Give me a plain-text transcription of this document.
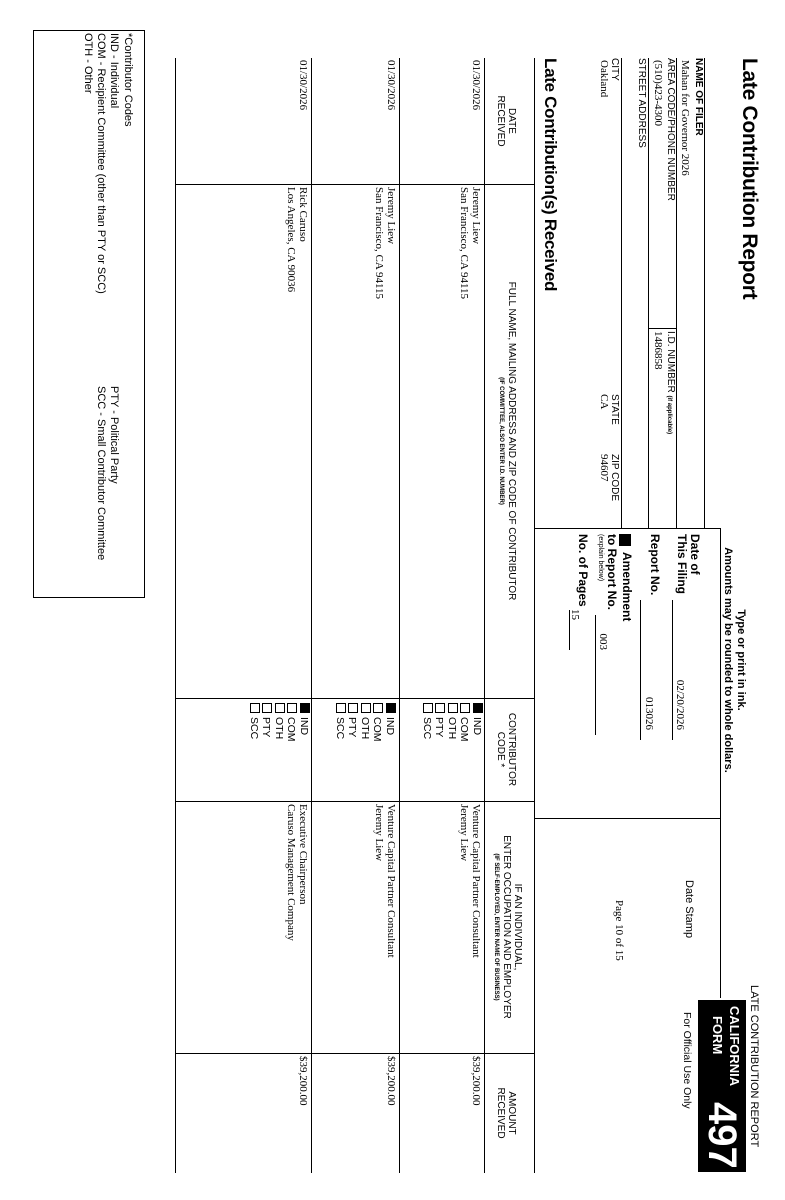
Late Contribution Report
Type or print in ink.
Amounts may be rounded to whole dollars.
LATE CONTRIBUTION REPORT
CALIFORNIA
FORM
497
For Official Use Only
NAME OF FILER
Mahan for Governor 2026
AREA CODE/PHONE NUMBER
(510)423-4300
I.D. NUMBER (if applicable)
1486858
STREET ADDRESS
CITY
Oakland
STATE
CA
ZIP CODE
94607
Date of
This Filing
02/20/2026
Report No.
013026
Amendment
to Report No.
(explain below)
003
No. of Pages
15
Date Stamp
Page 10 of 15
Late Contribution(s) Received
DATE
RECEIVED
FULL NAME, MAILING ADDRESS AND ZIP CODE OF CONTRIBUTOR
(IF COMMITTEE, ALSO ENTER I.D. NUMBER)
CONTRIBUTOR
CODE *
IF AN INDIVIDUAL,
ENTER OCCUPATION AND EMPLOYER
(IF SELF-EMPLOYED, ENTER NAME OF BUSINESS)
AMOUNT
RECEIVED
01/30/2026
Jeremy Liew
San Francisco, CA 94115
IND
COM
OTH
PTY
SCC
Venture Capital Partner Consultant
Jeremy Liew
$39,200.00
01/30/2026
Jeremy Liew
San Francisco, CA 94115
IND
COM
OTH
PTY
SCC
Venture Capital Partner Consultant
Jeremy Liew
$39,200.00
01/30/2026
Rick Caruso
Los Angeles, CA 90036
IND
COM
OTH
PTY
SCC
Executive Chairperson
Caruso Management Company
$39,200.00
*Contributor Codes
IND - Individual
COM - Recipient Committee (other than PTY or SCC)
OTH - Other
PTY - Political Party
SCC - Small Contributor Committee
